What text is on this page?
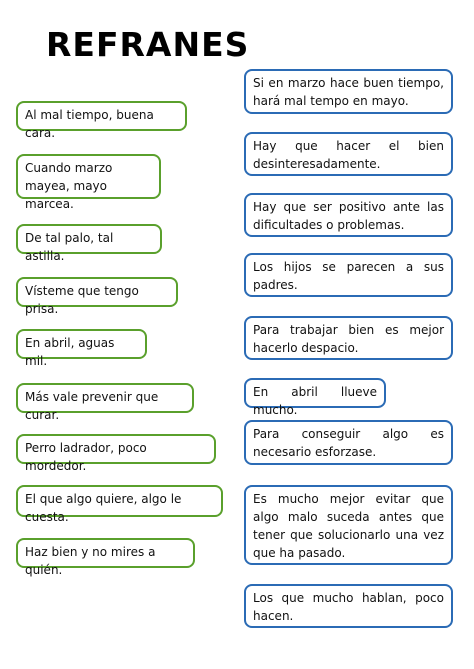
REFRANES
Al mal tiempo, buena cara.
Cuando marzo mayea, mayo marcea.
De tal palo, tal astilla.
Vísteme que tengo prisa.
En abril, aguas mil.
Más vale prevenir que curar.
Perro ladrador, poco mordedor.
El que algo quiere, algo le cuesta.
Haz bien y no mires a quién.
Si en marzo hace buen tiempo, hará mal tempo en mayo.
Hay que hacer el bien desinteresadamente.
Hay que ser positivo ante las dificultades o problemas.
Los hijos se parecen a sus padres.
Para trabajar bien es mejor hacerlo despacio.
En abril llueve mucho.
Para conseguir algo es necesario esforzase.
Es mucho mejor evitar que algo malo suceda antes que tener que solucionarlo una vez que ha pasado.
Los que mucho hablan, poco hacen.
